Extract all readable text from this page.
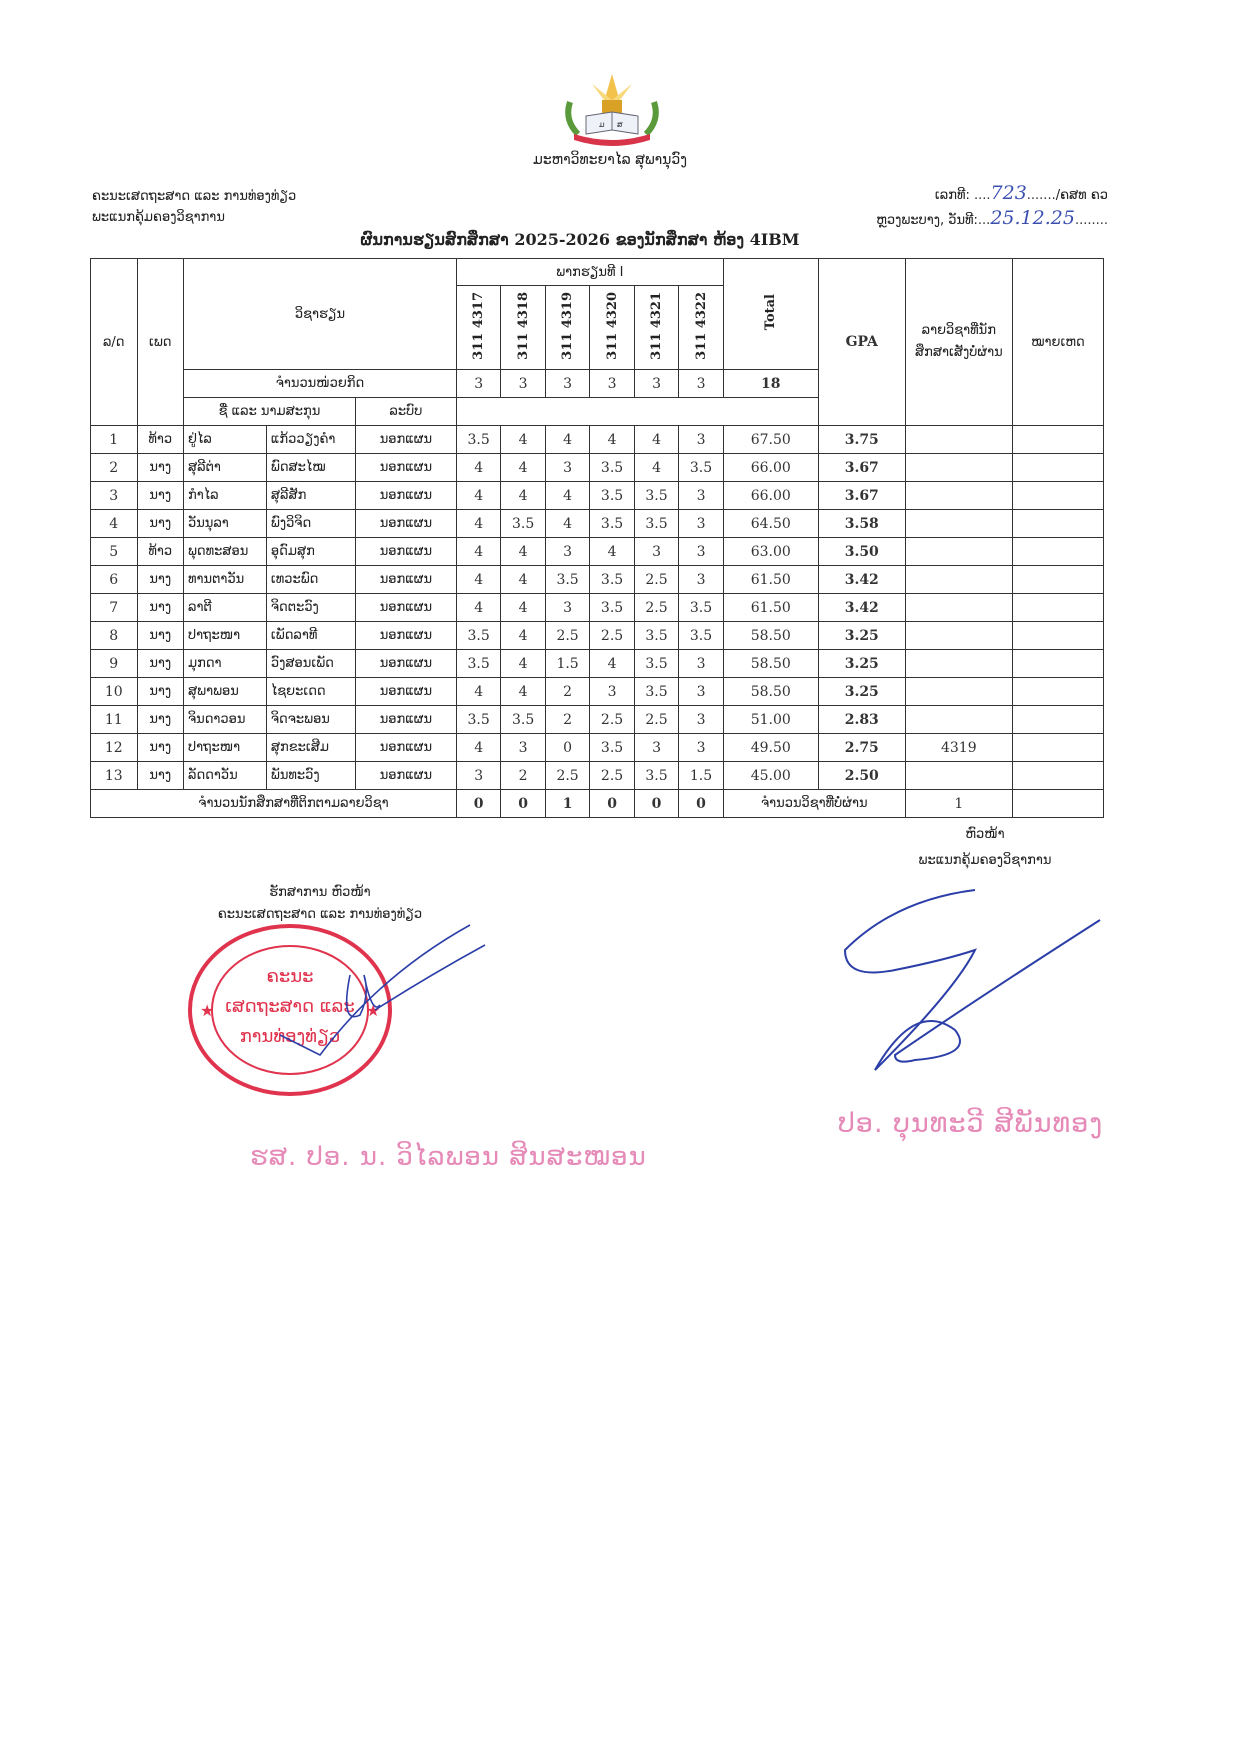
ມ ສ
ມະຫາວິທະຍາໄລ ສຸພານຸວົງ
ຄະນະເສດຖະສາດ ແລະ ການທ່ອງທ່ຽວ
ພະແນກຄຸ້ມຄອງວິຊາການ
ເລກທີ: ....723......./ຄສທ ຄວ
ຫຼວງພະບາງ, ວັນທີ:...25.12.25........
ຜົນການຮຽນສົກສຶກສາ 2025-2026 ຂອງນັກສຶກສາ ຫ້ອງ 4IBM
ລ/ດ	ເພດ	ວິຊາຮຽນ			ພາກຮຽນທີ I						Total	GPA	ລາຍວິຊາທີ່ນັກສຶກສາເສັງບໍ່ຜ່ານ	ໝາຍເຫດ
					311 4317	311 4318	311 4319	311 4320	311 4321	311 4322				
		ຈໍານວນໜ່ວຍກິດ			3	3	3	3	3	3	18			
		ຊື່ ແລະ ນາມສະກຸນ		ລະບົບ										
1	ທ້າວ	ຢູ່ໄລ	ແກ້ວວຽງຄໍາ	ນອກແຜນ	3.5	4	4	4	4	3	67.50	3.75		
2	ນາງ	ສຸລີຕ່າ	ພົດສະໄໝ	ນອກແຜນ	4	4	3	3.5	4	3.5	66.00	3.67		
3	ນາງ	ກໍາໄລ	ສຸລີສັກ	ນອກແຜນ	4	4	4	3.5	3.5	3	66.00	3.67		
4	ນາງ	ວັນນຸລາ	ພົງວິຈິດ	ນອກແຜນ	4	3.5	4	3.5	3.5	3	64.50	3.58		
5	ທ້າວ	ພຸດທະສອນ	ອຸດົມສຸກ	ນອກແຜນ	4	4	3	4	3	3	63.00	3.50		
6	ນາງ	ທານຕາວັນ	ເທວະພົດ	ນອກແຜນ	4	4	3.5	3.5	2.5	3	61.50	3.42		
7	ນາງ	ລາຕີ	ຈິດຕະວົງ	ນອກແຜນ	4	4	3	3.5	2.5	3.5	61.50	3.42		
8	ນາງ	ປາຖະໜາ	ເພັດລາທີ	ນອກແຜນ	3.5	4	2.5	2.5	3.5	3.5	58.50	3.25		
9	ນາງ	ມຸກດາ	ວົງສອນເພັດ	ນອກແຜນ	3.5	4	1.5	4	3.5	3	58.50	3.25		
10	ນາງ	ສຸພາພອນ	ໄຊຍະເດດ	ນອກແຜນ	4	4	2	3	3.5	3	58.50	3.25		
11	ນາງ	ຈິນດາວອນ	ຈິດຈະພອນ	ນອກແຜນ	3.5	3.5	2	2.5	2.5	3	51.00	2.83		
12	ນາງ	ປາຖະໜາ	ສຸກຂະເສີມ	ນອກແຜນ	4	3	0	3.5	3	3	49.50	2.75	4319	
13	ນາງ	ລັດດາວັນ	ພັນທະວົງ	ນອກແຜນ	3	2	2.5	2.5	3.5	1.5	45.00	2.50		
ຈໍານວນນັກສຶກສາທີ່ຕິກຕາມລາຍວິຊາ					0	0	1	0	0	0	ຈໍານວນວິຊາທີ່ບໍ່ຜ່ານ		1	
ຫົວໜ້າ
ພະແນກຄຸ້ມຄອງວິຊາການ
★	★
ຄະນະ
ເສດຖະສາດ ແລະ
ການທ່ອງທ່ຽວ
ຮັກສາການ ຫົວໜ້າ
ຄະນະເສດຖະສາດ ແລະ ການທ່ອງທ່ຽວ
ຮສ. ປອ. ນ. ວິໄລພອນ ສິນສະໝອນ
ປອ. ບຸນທະວີ ສີພັນທອງ
